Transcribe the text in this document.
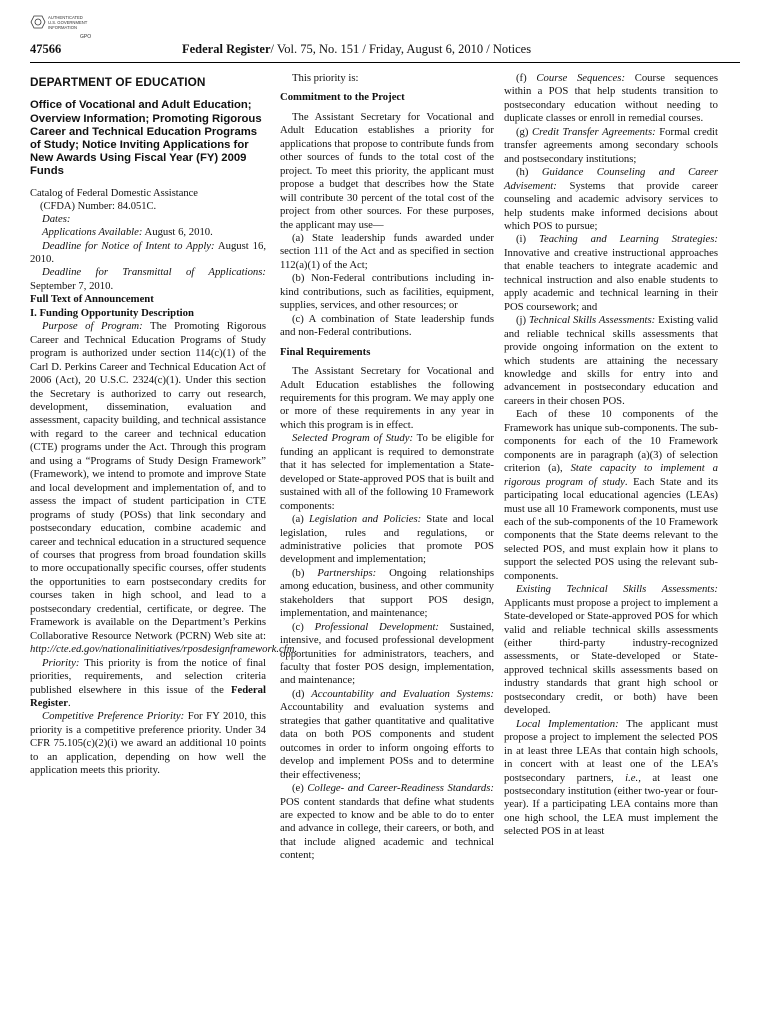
AUTHENTICATED
U.S. GOVERNMENT
INFORMATION
GPO
47566	Federal Register/ Vol. 75, No. 151 / Friday, August 6, 2010 / Notices
DEPARTMENT OF EDUCATION
Office of Vocational and Adult Education; Overview Information; Promoting Rigorous Career and Technical Education Programs of Study; Notice Inviting Applications for New Awards Using Fiscal Year (FY) 2009 Funds

Catalog of Federal Domestic Assistance
(CFDA) Number: 84.051C.

Dates:

Applications Available: August 6, 2010.

Deadline for Notice of Intent to Apply: August 16, 2010.

Deadline for Transmittal of Applications: September 7, 2010.

Full Text of Announcement

I. Funding Opportunity Description

Purpose of Program: The Promoting Rigorous Career and Technical Education Programs of Study program is authorized under section 114(c)(1) of the Carl D. Perkins Career and Technical Education Act of 2006 (Act), 20 U.S.C. 2324(c)(1). Under this section the Secretary is authorized to carry out research, development, dissemination, evaluation and assessment, capacity building, and technical assistance with regard to the career and technical education (CTE) programs under the Act. Through this program and using a “Programs of Study Design Framework” (Framework), we intend to promote and improve State and local development and implementation of, and to assess the impact of student participation in CTE programs of study (POSs) that link secondary and postsecondary education, combine academic and career and technical education in a structured sequence of courses that progress from broad foundation skills to more occupationally specific courses, offer students the opportunities to earn postsecondary credits for courses taken in high school, and lead to a postsecondary credential, certificate, or degree. The Framework is available on the Department’s Perkins Collaborative Resource Network (PCRN) Web site at: http://cte.ed.gov/nationalinitiatives/rposdesignframework.cfm.

Priority: This priority is from the notice of final priorities, requirements, and selection criteria published elsewhere in this issue of the Federal Register.

Competitive Preference Priority: For FY 2010, this priority is a competitive preference priority. Under 34 CFR 75.105(c)(2)(i) we award an additional 10 points to an application, depending on how well the application meets this priority.

This priority is:

Commitment to the Project

The Assistant Secretary for Vocational and Adult Education establishes a priority for applications that propose to contribute funds from other sources of funds to the total cost of the project. To meet this priority, the applicant must propose a budget that describes how the State will contribute 30 percent of the total cost of the project from other sources. For these purposes, the applicant may use—

(a) State leadership funds awarded under section 111 of the Act and as specified in section 112(a)(1) of the Act;

(b) Non-Federal contributions including in-kind contributions, such as facilities, equipment, supplies, services, and other resources; or

(c) A combination of State leadership funds and non-Federal contributions.

Final Requirements

The Assistant Secretary for Vocational and Adult Education establishes the following requirements for this program. We may apply one or more of these requirements in any year in which this program is in effect.

Selected Program of Study: To be eligible for funding an applicant is required to demonstrate that it has selected for implementation a State-developed or State-approved POS that is built and sustained with all of the following 10 Framework components:

(a) Legislation and Policies: State and local legislation, rules and regulations, or administrative policies that promote POS development and implementation;

(b) Partnerships: Ongoing relationships among education, business, and other community stakeholders that support POS design, implementation, and maintenance;

(c) Professional Development: Sustained, intensive, and focused professional development opportunities for administrators, teachers, and faculty that foster POS design, implementation, and maintenance;

(d) Accountability and Evaluation Systems: Accountability and evaluation systems and strategies that gather quantitative and qualitative data on both POS components and student outcomes in order to inform ongoing efforts to develop and implement POSs and to determine their effectiveness;

(e) College- and Career-Readiness Standards: POS content standards that define what students are expected to know and be able to do to enter and advance in college, their careers, or both, and that include aligned academic and technical content;

(f) Course Sequences: Course sequences within a POS that help students transition to postsecondary education without needing to duplicate classes or enroll in remedial courses.

(g) Credit Transfer Agreements: Formal credit transfer agreements among secondary schools and postsecondary institutions;

(h) Guidance Counseling and Career Advisement: Systems that provide career counseling and academic advisory services to help students make informed decisions about which POS to pursue;

(i) Teaching and Learning Strategies: Innovative and creative instructional approaches that enable teachers to integrate academic and technical instruction and also enable students to apply academic and technical learning in their POS coursework; and

(j) Technical Skills Assessments: Existing valid and reliable technical skills assessments that provide ongoing information on the extent to which students are attaining the necessary knowledge and skills for entry into and advancement in postsecondary education and careers in their chosen POS.

Each of these 10 components of the Framework has unique sub-components. The sub-components for each of the 10 Framework components are in paragraph (a)(3) of selection criterion (a), State capacity to implement a rigorous program of study. Each State and its participating local educational agencies (LEAs) must use all 10 Framework components, must use each of the sub-components of the 10 Framework components that the State deems relevant to the selected POS, and must explain how it plans to support the selected POS using the relevant sub-components.

Existing Technical Skills Assessments: Applicants must propose a project to implement a State-developed or State-approved POS for which valid and reliable technical skills assessments (either third-party industry-recognized assessments, or State-developed or State-approved technical skills assessments based on industry standards that grant high school or postsecondary credit, or both) have been developed.

Local Implementation: The applicant must propose a project to implement the selected POS in at least three LEAs that contain high schools, in concert with at least one of the LEA’s postsecondary partners, i.e., at least one postsecondary institution (either two-year or four-year). If a participating LEA contains more than one high school, the LEA must implement the selected POS in at least
